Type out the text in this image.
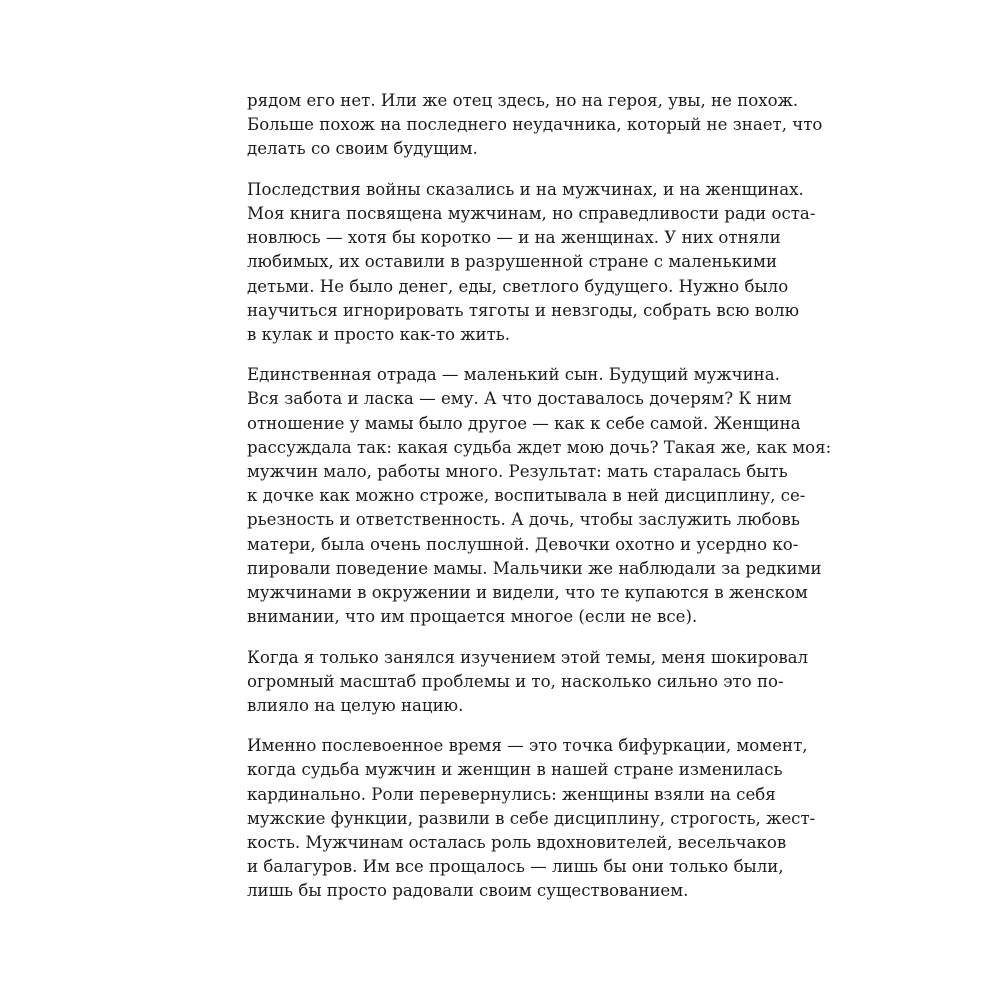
рядом его нет. Или же отец здесь, но на героя, увы, не похож.
Больше похож на последнего неудачника, который не знает, что
делать со своим будущим.
Последствия войны сказались и на мужчинах, и на женщинах.
Моя книга посвящена мужчинам, но справедливости ради оста-
новлюсь — хотя бы коротко — и на женщинах. У них отняли
любимых, их оставили в разрушенной стране с маленькими
детьми. Не было денег, еды, светлого будущего. Нужно было
научиться игнорировать тяготы и невзгоды, собрать всю волю
в кулак и просто как-то жить.
Единственная отрада — маленький сын. Будущий мужчина.
Вся забота и ласка — ему. А что доставалось дочерям? К ним
отношение у мамы было другое — как к себе самой. Женщина
рассуждала так: какая судьба ждет мою дочь? Такая же, как моя:
мужчин мало, работы много. Результат: мать старалась быть
к дочке как можно строже, воспитывала в ней дисциплину, се-
рьезность и ответственность. А дочь, чтобы заслужить любовь
матери, была очень послушной. Девочки охотно и усердно ко-
пировали поведение мамы. Мальчики же наблюдали за редкими
мужчинами в окружении и видели, что те купаются в женском
внимании, что им прощается многое (если не все).
Когда я только занялся изучением этой темы, меня шокировал
огромный масштаб проблемы и то, насколько сильно это по-
влияло на целую нацию.
Именно послевоенное время — это точка бифуркации, момент,
когда судьба мужчин и женщин в нашей стране изменилась
кардинально. Роли перевернулись: женщины взяли на себя
мужские функции, развили в себе дисциплину, строгость, жест-
кость. Мужчинам осталась роль вдохновителей, весельчаков
и балагуров. Им все прощалось — лишь бы они только были,
лишь бы просто радовали своим существованием.
